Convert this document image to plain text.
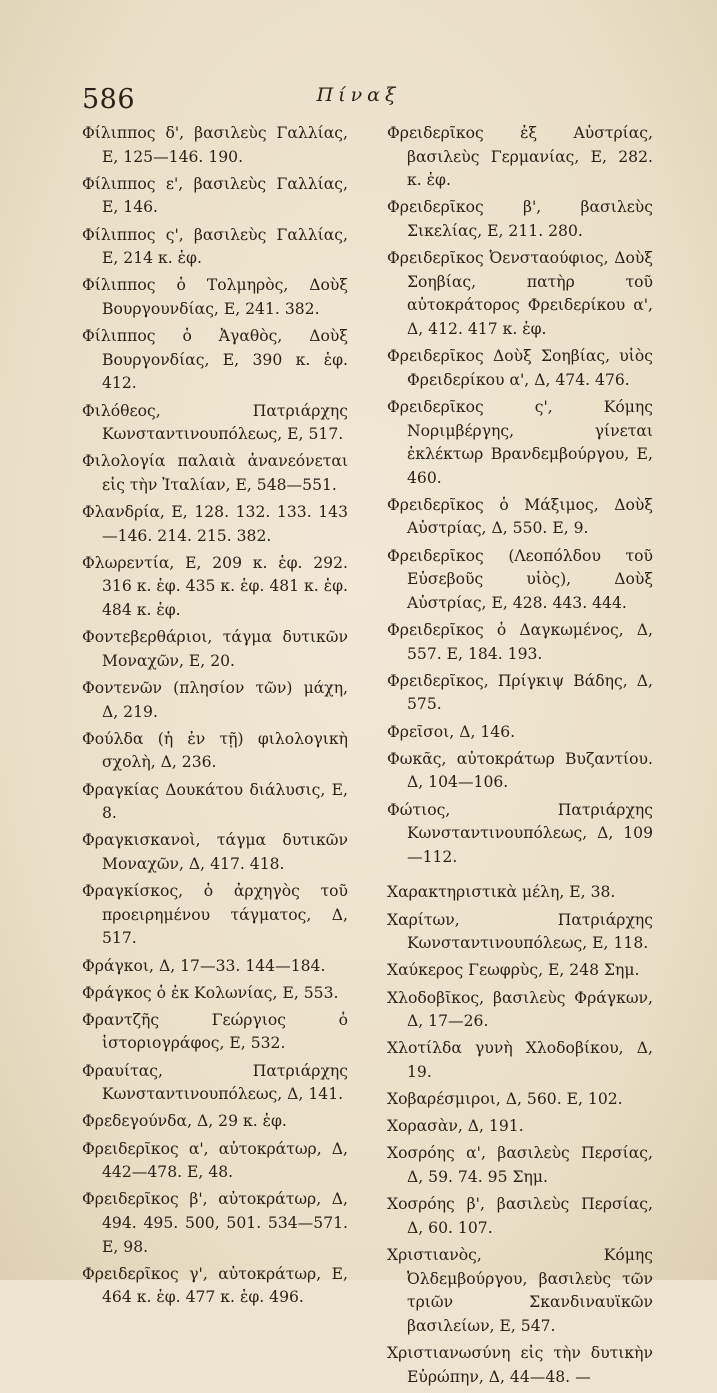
586	Πίναξ

Φίλιππος δ', βασιλεὺς Γαλλίας, Ε, 125—146. 190.

Φίλιππος ε', βασιλεὺς Γαλλίας, Ε, 146.

Φίλιππος ς', βασιλεὺς Γαλλίας, Ε, 214 κ. ἑφ.

Φίλιππος ὁ Τολμηρὸς, Δοὺξ Βουργουνδίας, Ε, 241. 382.

Φίλιππος ὁ Ἀγαθὸς, Δοὺξ Βουργονδίας, Ε, 390 κ. ἑφ. 412.

Φιλόθεος, Πατριάρχης Κωνσταντινουπόλεως, Ε, 517.

Φιλολογία παλαιὰ ἀνανεόνεται εἰς τὴν Ἰταλίαν, Ε, 548—551.

Φλανδρία, Ε, 128. 132. 133. 143—146. 214. 215. 382.

Φλωρεντία, Ε, 209 κ. ἑφ. 292. 316 κ. ἑφ. 435 κ. ἑφ. 481 κ. ἑφ. 484 κ. ἑφ.

Φοντεβερθάριοι, τάγμα δυτικῶν Μοναχῶν, Ε, 20.

Φοντενῶν (πλησίον τῶν) μάχη, Δ, 219.

Φούλδα (ἡ ἐν τῇ) φιλολογικὴ σχολὴ, Δ, 236.

Φραγκίας Δουκάτου διάλυσις, Ε, 8.

Φραγκισκανοὶ, τάγμα δυτικῶν Μοναχῶν, Δ, 417. 418.

Φραγκίσκος, ὁ ἀρχηγὸς τοῦ προειρημένου τάγματος, Δ, 517.

Φράγκοι, Δ, 17—33. 144—184.

Φράγκος ὁ ἐκ Κολωνίας, Ε, 553.

Φραντζῆς Γεώργιος ὁ ἱστοριογράφος, Ε, 532.

Φραυίτας, Πατριάρχης Κωνσταντινουπόλεως, Δ, 141.

Φρεδεγούνδα, Δ, 29 κ. ἑφ.

Φρειδερῖκος α', αὐτοκράτωρ, Δ, 442—478. Ε, 48.

Φρειδερῖκος β', αὐτοκράτωρ, Δ, 494. 495. 500, 501. 534—571. Ε, 98.

Φρειδερῖκος γ', αὐτοκράτωρ, Ε, 464 κ. ἑφ. 477 κ. ἑφ. 496.

Φρειδερῖκος ἐξ Αὐστρίας, βασιλεὺς Γερμανίας, Ε, 282. κ. ἑφ.

Φρειδερῖκος β', βασιλεὺς Σικελίας, Ε, 211. 280.

Φρειδερῖκος Ὀενσταούφιος, Δοὺξ Σοηβίας, πατὴρ τοῦ αὐτοκράτορος Φρειδερίκου α', Δ, 412. 417 κ. ἑφ.

Φρειδερῖκος Δοὺξ Σοηβίας, υἱὸς Φρειδερίκου α', Δ, 474. 476.

Φρειδερῖκος ς', Κόμης Νοριμβέργης, γίνεται ἐκλέκτωρ Βρανδεμβούργου, Ε, 460.

Φρειδερῖκος ὁ Μάξιμος, Δοὺξ Αὐστρίας, Δ, 550. Ε, 9.

Φρειδερῖκος (Λεοπόλδου τοῦ Εὐσεβοῦς υἱὸς), Δοὺξ Αὐστρίας, Ε, 428. 443. 444.

Φρειδερῖκος ὁ Δαγκωμένος, Δ, 557. Ε, 184. 193.

Φρειδερῖκος, Πρίγκιψ Βάδης, Δ, 575.

Φρεῖσοι, Δ, 146.

Φωκᾶς, αὐτοκράτωρ Βυζαντίου. Δ, 104—106.

Φώτιος, Πατριάρχης Κωνσταντινουπόλεως, Δ, 109—112.

Χαρακτηριστικὰ μέλη, Ε, 38.

Χαρίτων, Πατριάρχης Κωνσταντινουπόλεως, Ε, 118.

Χαύκερος Γεωφρὺς, Ε, 248 Σημ.

Χλοδοβῖκος, βασιλεὺς Φράγκων, Δ, 17—26.

Χλοτίλδα γυνὴ Χλοδοβίκου, Δ, 19.

Χοβαρέσμιροι, Δ, 560. Ε, 102.

Χορασὰν, Δ, 191.

Χοσρόης α', βασιλεὺς Περσίας, Δ, 59. 74. 95 Σημ.

Χοσρόης β', βασιλεὺς Περσίας, Δ, 60. 107.

Χριστιανὸς, Κόμης Ὀλδεμβούργου, βασιλεὺς τῶν τριῶν Σκανδιναυϊκῶν βασιλείων, Ε, 547.

Χριστιανωσύνη εἰς τὴν δυτικὴν Εὐρώπην, Δ, 44—48. —
